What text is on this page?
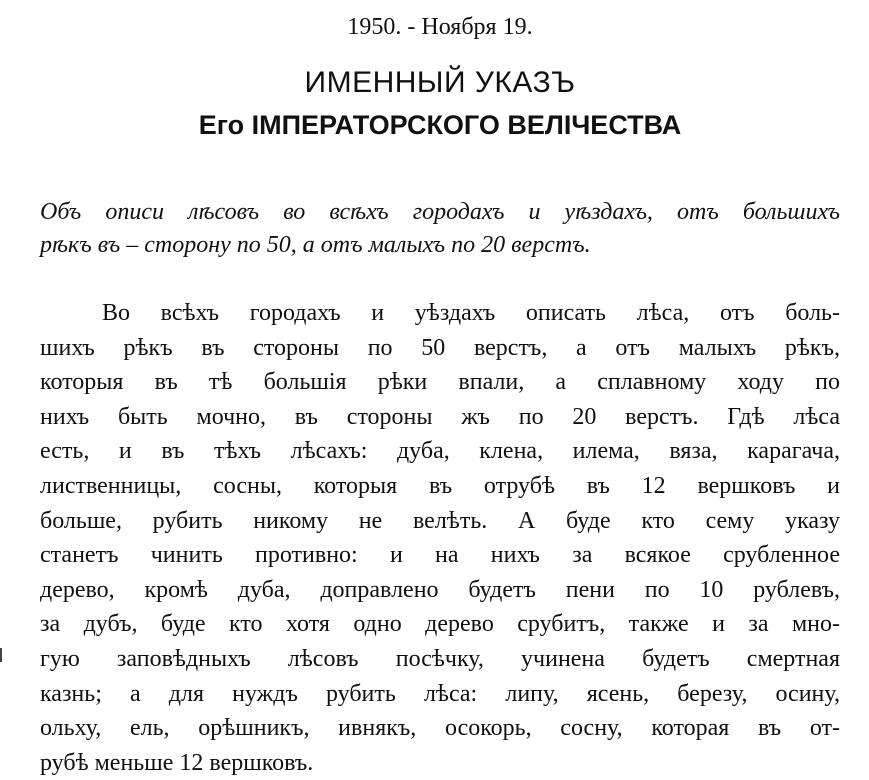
1950. - Ноября 19.
ИМЕННЫЙ УКАЗЪ
Его ІМПЕРАТОРСКОГО ВЕЛІЧЕСТВА
Объ описи лѣсовъ во всѣхъ городахъ и уѣздахъ, отъ большихъ
рѣкъ въ – сторону по 50, а отъ малыхъ по 20 верстъ.
Во всѣхъ городахъ и уѣздахъ описать лѣса, отъ боль-
шихъ рѣкъ въ стороны по 50 верстъ, а отъ малыхъ рѣкъ,
которыя въ тѣ большія рѣки впали, а сплавному ходу по
нихъ быть мочно, въ стороны жъ по 20 верстъ. Гдѣ лѣса
есть, и въ тѣхъ лѣсахъ: дуба, клена, илема, вяза, карагача,
лиственницы, сосны, которыя въ отрубѣ въ 12 вершковъ и
больше, рубить никому не велѣть. А буде кто сему указу
станетъ чинить противно: и на нихъ за всякое срубленное
дерево, кромѣ дуба, доправлено будетъ пени по 10 рублевъ,
за дубъ, буде кто хотя одно дерево срубитъ, также и за мно-
гую заповѣдныхъ лѣсовъ посѣчку, учинена будетъ смертная
казнь; а для нуждъ рубить лѣса: липу, ясень, березу, осину,
ольху, ель, орѣшникъ, ивнякъ, осокорь, сосну, которая въ от-
рубѣ меньше 12 вершковъ.
